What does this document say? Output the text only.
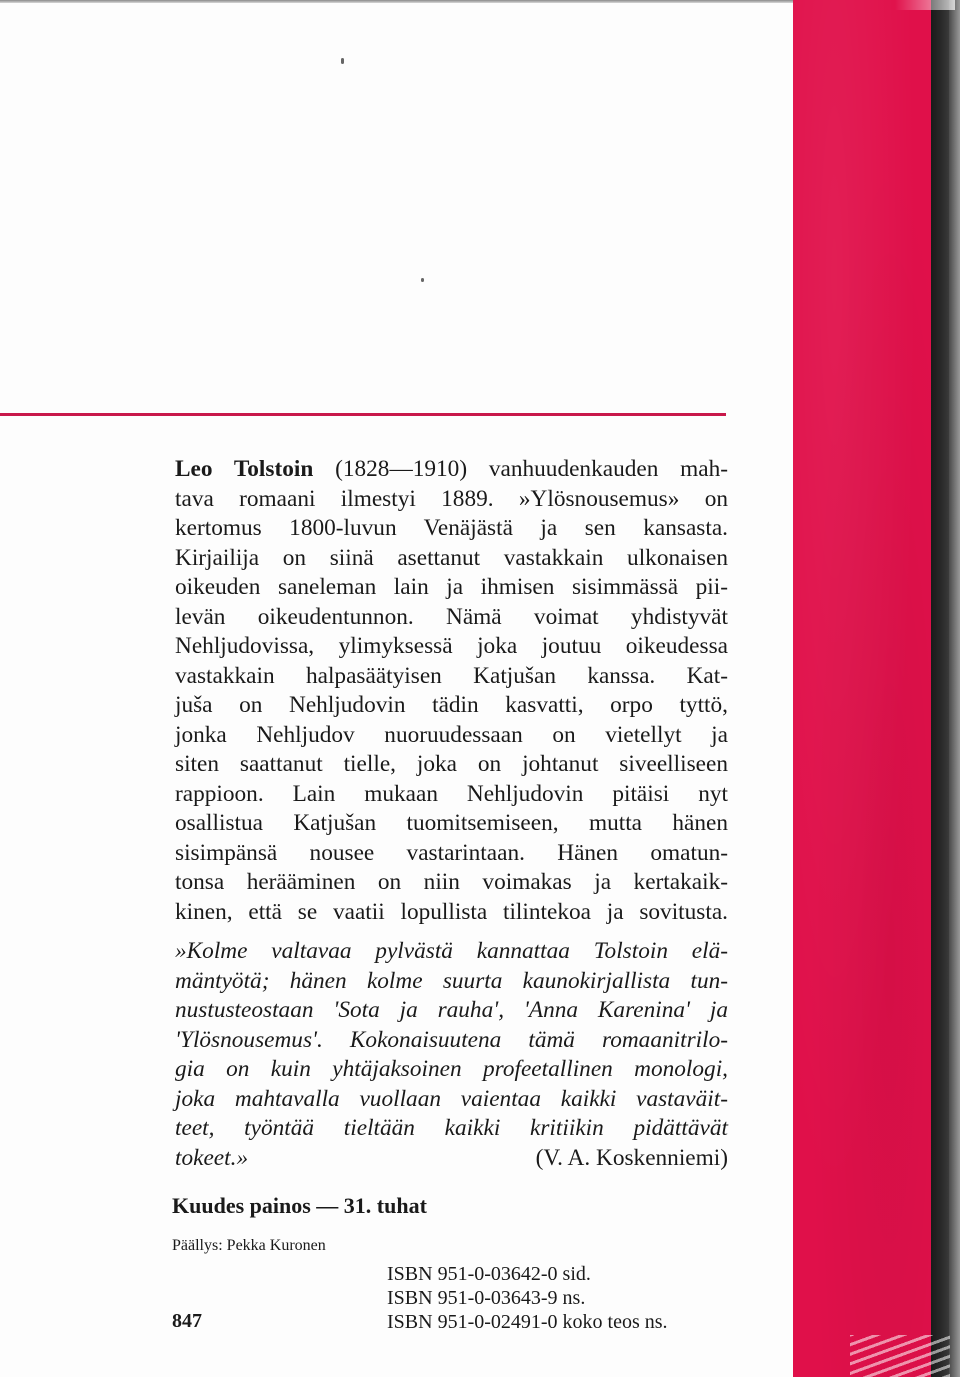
Leo Tolstoin (1828—1910) vanhuudenkauden mah-
tava romaani ilmestyi 1889. »Ylösnousemus» on
kertomus 1800-luvun Venäjästä ja sen kansasta.
Kirjailija on siinä asettanut vastakkain ulkonaisen
oikeuden saneleman lain ja ihmisen sisimmässä pii-
levän oikeudentunnon. Nämä voimat yhdistyvät
Nehljudovissa, ylimyksessä joka joutuu oikeudessa
vastakkain halpasäätyisen Katjušan kanssa. Kat-
juša on Nehljudovin tädin kasvatti, orpo tyttö,
jonka Nehljudov nuoruudessaan on vietellyt ja
siten saattanut tielle, joka on johtanut siveelliseen
rappioon. Lain mukaan Nehljudovin pitäisi nyt
osallistua Katjušan tuomitsemiseen, mutta hänen
sisimpänsä nousee vastarintaan. Hänen omatun-
tonsa herääminen on niin voimakas ja kertakaik-
kinen, että se vaatii lopullista tilintekoa ja sovitusta.

»Kolme valtavaa pylvästä kannattaa Tolstoin elä-
mäntyötä; hänen kolme suurta kaunokirjallista tun-
nustusteostaan 'Sota ja rauha', 'Anna Karenina' ja
'Ylösnousemus'. Kokonaisuutena tämä romaanitrilo-
gia on kuin yhtäjaksoinen profeetallinen monologi,
joka mahtavalla vuollaan vaientaa kaikki vastaväit-
teet, työntää tieltään kaikki kritiikin pidättävät
tokeet.»	(V. A. Koskenniemi)
Kuudes painos — 31. tuhat
Päällys: Pekka Kuronen
ISBN 951-0-03642-0 sid.
ISBN 951-0-03643-9 ns.
ISBN 951-0-02491-0 koko teos ns.
847
